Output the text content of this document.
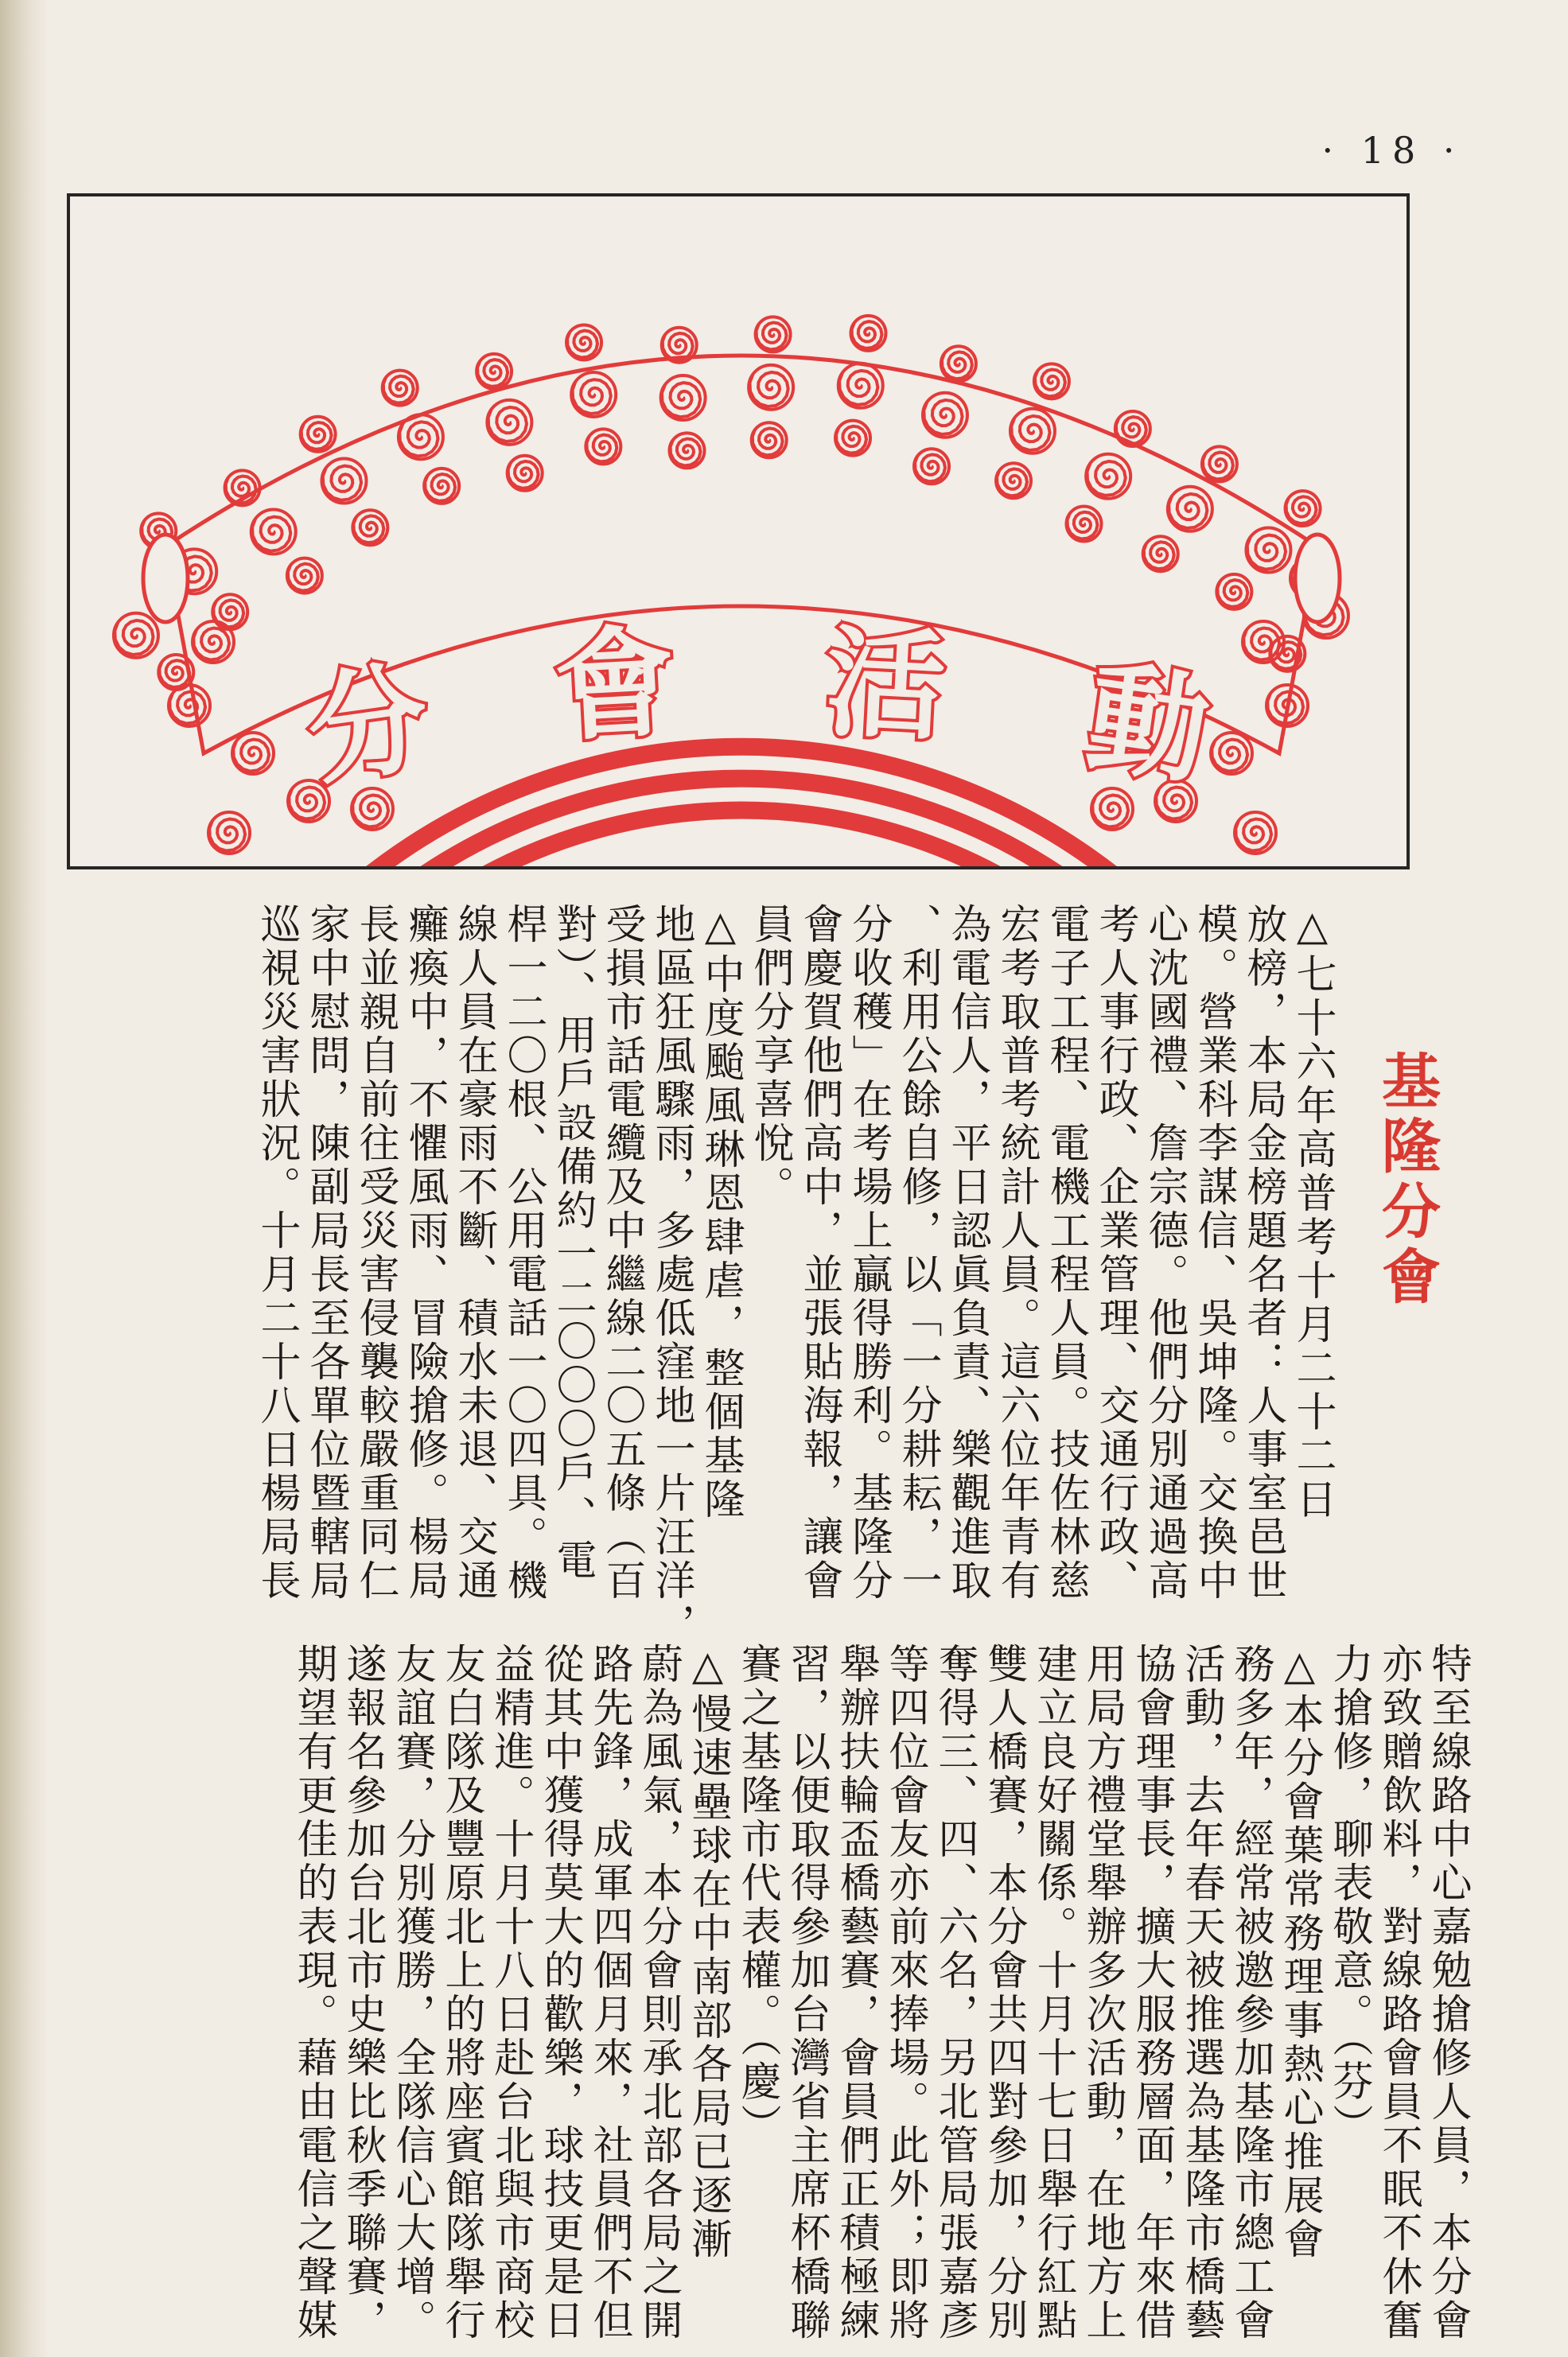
· 18 ·
分 會 活 動
基隆分會
△七十六年高普考十月二十二日
放榜，本局金榜題名者：人事室邑世
模。營業科李謀信、吳坤隆。交換中
心沈國禮、詹宗德。他們分別通過高
考人事行政、企業管理、交通行政、
電子工程、電機工程人員。技佐林慈
宏考取普考統計人員。這六位年青有
為電信人，平日認眞負責、樂觀進取
、利用公餘自修，以「一分耕耘，一
分收穫」在考場上贏得勝利。基隆分
會慶賀他們高中，並張貼海報，讓會
員們分享喜悅。
△中度颱風琳恩肆虐，整個基隆
地區狂風驟雨，多處低窪地一片汪洋，
受損市話電纜及中繼線二〇五條（百
對）、用戶設備約一二〇〇〇戶、電
桿一二〇根、公用電話一〇四具。機
線人員在豪雨不斷、積水未退、交通
癱瘓中，不懼風雨、冒險搶修。楊局
長並親自前往受災害侵襲較嚴重同仁
家中慰問，陳副局長至各單位暨轄局
巡視災害狀況。十月二十八日楊局長
特至線路中心嘉勉搶修人員，本分會
亦致贈飲料，對線路會員不眠不休奮
力搶修，聊表敬意。（芬）
△本分會葉常務理事熱心推展會
務多年，經常被邀參加基隆市總工會
活動，去年春天被推選為基隆市橋藝
協會理事長，擴大服務層面，年來借
用局方禮堂舉辦多次活動，在地方上
建立良好關係。十月十七日舉行紅點
雙人橋賽，本分會共四對參加，分別
奪得三、四、六名，另北管局張嘉彥
等四位會友亦前來捧場。此外；即將
舉辦扶輪盃橋藝賽，會員們正積極練
習，以便取得參加台灣省主席杯橋聯
賽之基隆市代表權。（慶）
△慢速壘球在中南部各局已逐漸
蔚為風氣，本分會則承北部各局之開
路先鋒，成軍四個月來，社員們不但
從其中獲得莫大的歡樂，球技更是日
益精進。十月十八日赴台北與市商校
友白隊及豐原北上的將座賓館隊舉行
友誼賽，分別獲勝，全隊信心大增。
遂報名參加台北市史樂比秋季聯賽，
期望有更佳的表現。藉由電信之聲媒
